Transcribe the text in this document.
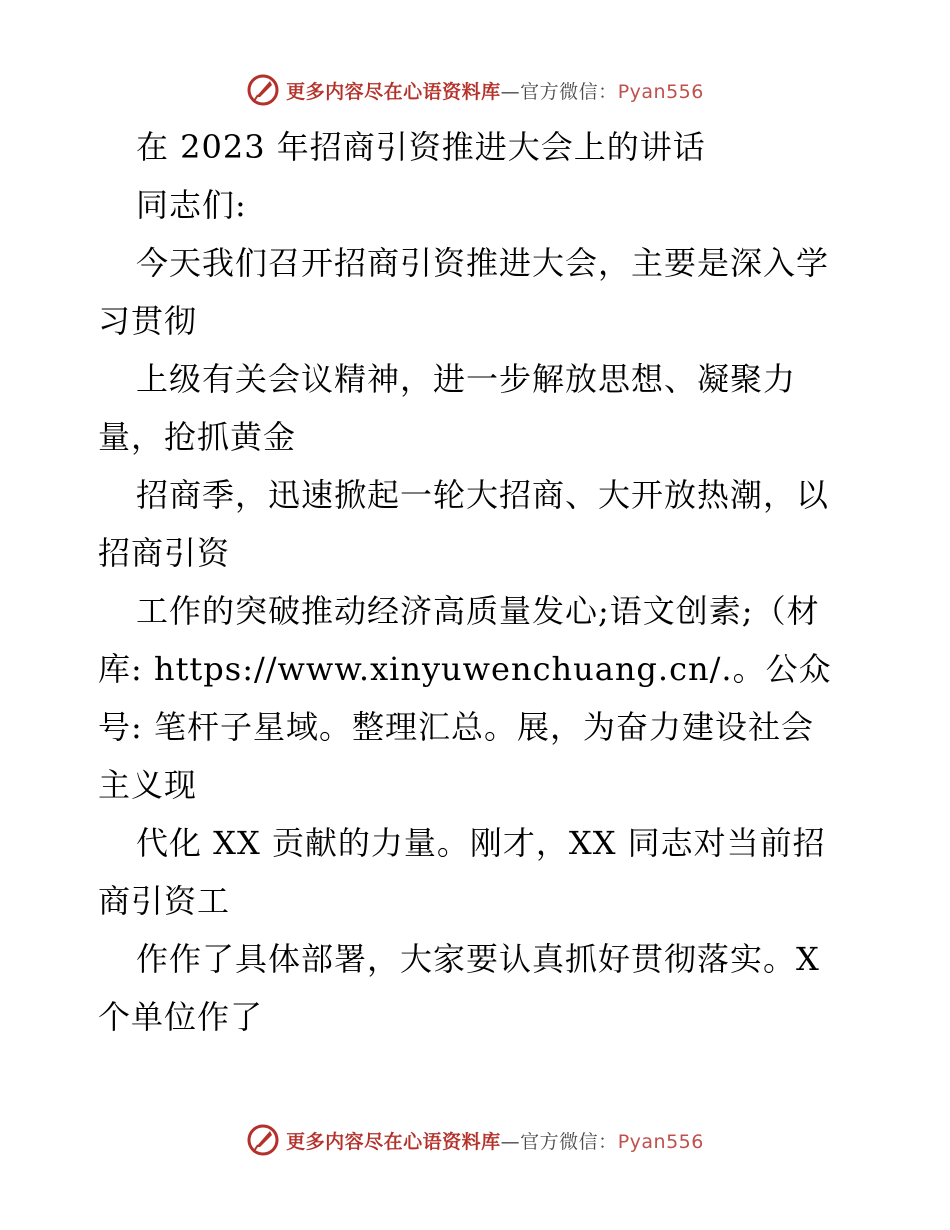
更多内容尽在心语资料库—官方微信：Pyan556
在 2023 年招商引资推进大会上的讲话
同志们:
今天我们召开招商引资推进大会，主要是深入学
习贯彻
上级有关会议精神，进一步解放思想、凝聚力
量，抢抓黄金
招商季，迅速掀起一轮大招商、大开放热潮，以
招商引资
工作的突破推动经济高质量发心;语文创素;（材
库: https://www.xinyuwenchuang.cn/.。公众
号: 笔杆子星域。整理汇总。展，为奋力建设社会
主义现
代化 XX 贡献的力量。刚才，XX 同志对当前招
商引资工
作作了具体部署，大家要认真抓好贯彻落实。X
个单位作了
更多内容尽在心语资料库—官方微信：Pyan556
